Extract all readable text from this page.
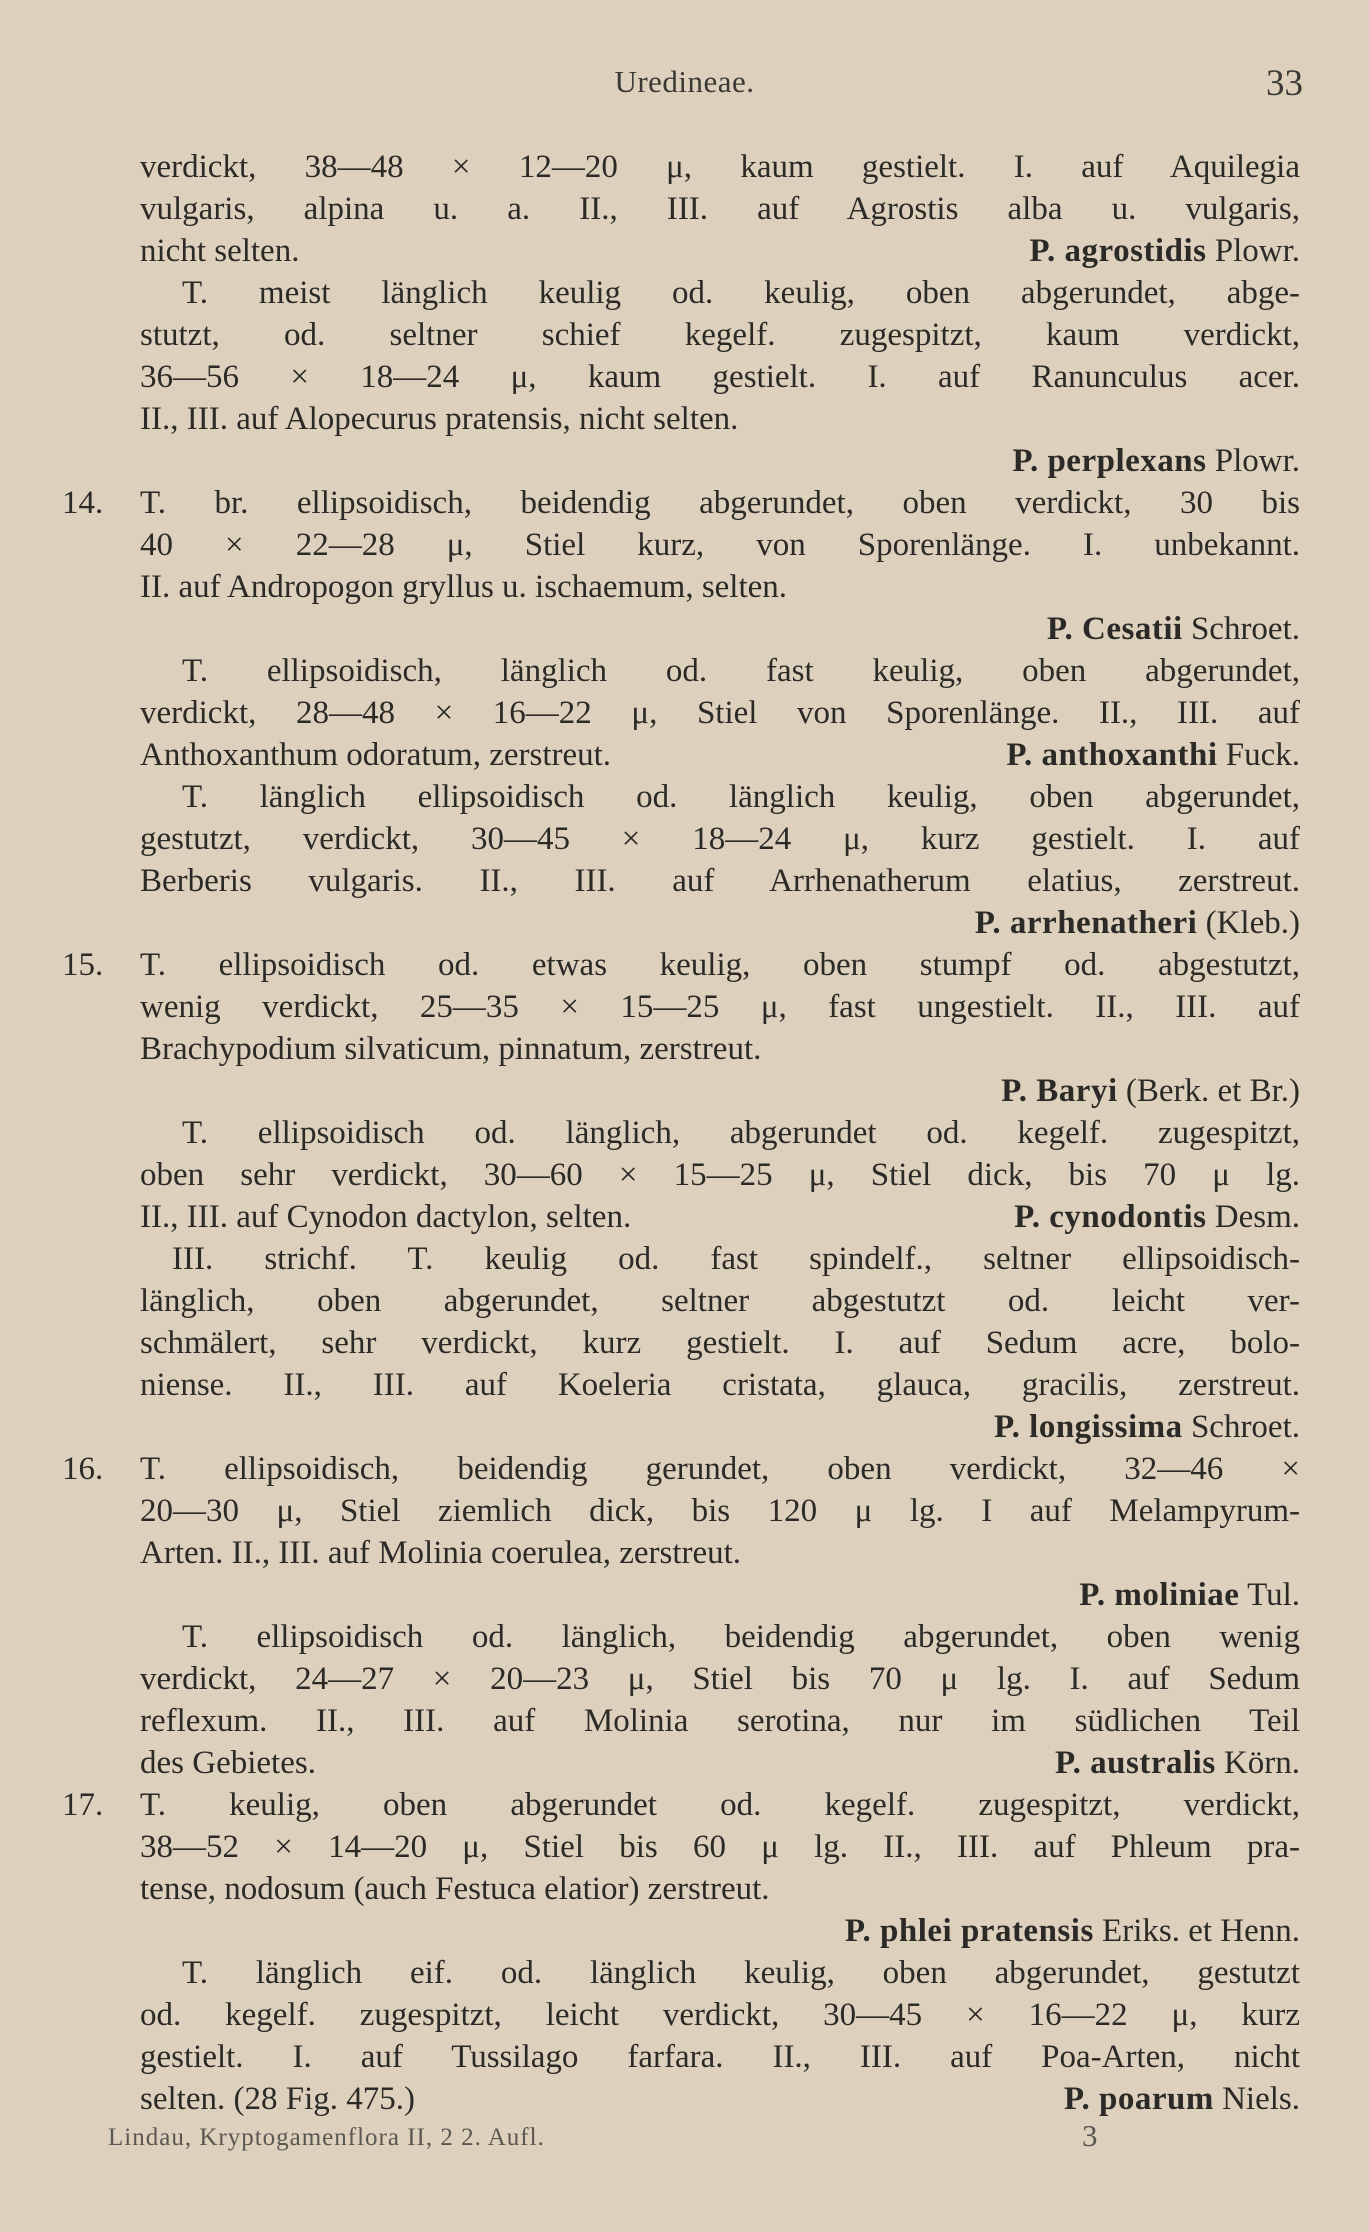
Uredineae.	33
verdickt, 38—48 × 12—20 μ, kaum gestielt. I. auf Aquilegia
vulgaris, alpina u. a. II., III. auf Agrostis alba u. vulgaris,
nicht selten.	P. agrostidis Plowr.
T. meist länglich keulig od. keulig, oben abgerundet, abge-
stutzt, od. seltner schief kegelf. zugespitzt, kaum verdickt,
36—56 × 18—24 μ, kaum gestielt. I. auf Ranunculus acer.
II., III. auf Alopecurus pratensis, nicht selten.
P. perplexans Plowr.
14. T. br. ellipsoidisch, beidendig abgerundet, oben verdickt, 30 bis
40 × 22—28 μ, Stiel kurz, von Sporenlänge. I. unbekannt.
II. auf Andropogon gryllus u. ischaemum, selten.
P. Cesatii Schroet.
T. ellipsoidisch, länglich od. fast keulig, oben abgerundet,
verdickt, 28—48 × 16—22 μ, Stiel von Sporenlänge. II., III. auf
Anthoxanthum odoratum, zerstreut.	P. anthoxanthi Fuck.
T. länglich ellipsoidisch od. länglich keulig, oben abgerundet,
gestutzt, verdickt, 30—45 × 18—24 μ, kurz gestielt. I. auf
Berberis vulgaris. II., III. auf Arrhenatherum elatius, zerstreut.
P. arrhenatheri (Kleb.)
15. T. ellipsoidisch od. etwas keulig, oben stumpf od. abgestutzt,
wenig verdickt, 25—35 × 15—25 μ, fast ungestielt. II., III. auf
Brachypodium silvaticum, pinnatum, zerstreut.
P. Baryi (Berk. et Br.)
T. ellipsoidisch od. länglich, abgerundet od. kegelf. zugespitzt,
oben sehr verdickt, 30—60 × 15—25 μ, Stiel dick, bis 70 μ lg.
II., III. auf Cynodon dactylon, selten.	P. cynodontis Desm.
III. strichf. T. keulig od. fast spindelf., seltner ellipsoidisch-
länglich, oben abgerundet, seltner abgestutzt od. leicht ver-
schmälert, sehr verdickt, kurz gestielt. I. auf Sedum acre, bolo-
niense. II., III. auf Koeleria cristata, glauca, gracilis, zerstreut.
P. longissima Schroet.
16. T. ellipsoidisch, beidendig gerundet, oben verdickt, 32—46 ×
20—30 μ, Stiel ziemlich dick, bis 120 μ lg. I auf Melampyrum-
Arten. II., III. auf Molinia coerulea, zerstreut.
P. moliniae Tul.
T. ellipsoidisch od. länglich, beidendig abgerundet, oben wenig
verdickt, 24—27 × 20—23 μ, Stiel bis 70 μ lg. I. auf Sedum
reflexum. II., III. auf Molinia serotina, nur im südlichen Teil
des Gebietes.	P. australis Körn.
17. T. keulig, oben abgerundet od. kegelf. zugespitzt, verdickt,
38—52 × 14—20 μ, Stiel bis 60 μ lg. II., III. auf Phleum pra-
tense, nodosum (auch Festuca elatior) zerstreut.
P. phlei pratensis Eriks. et Henn.
T. länglich eif. od. länglich keulig, oben abgerundet, gestutzt
od. kegelf. zugespitzt, leicht verdickt, 30—45 × 16—22 μ, kurz
gestielt. I. auf Tussilago farfara. II., III. auf Poa-Arten, nicht
selten. (28 Fig. 475.)	P. poarum Niels.
Lindau, Kryptogamenflora II, 2 2. Aufl.	3
